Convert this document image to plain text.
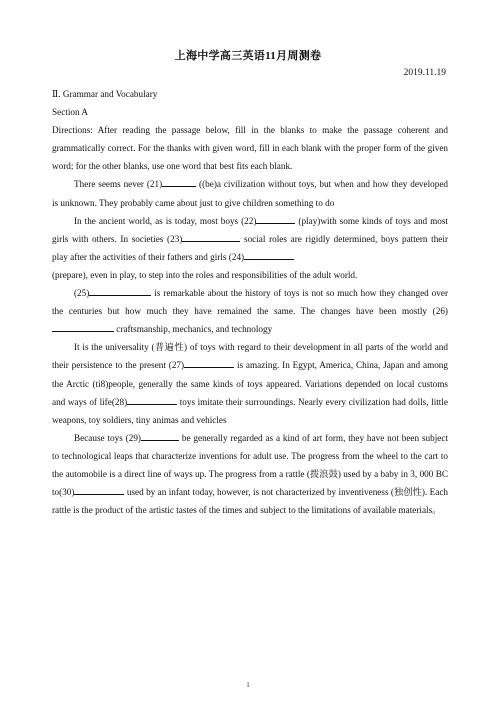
上海中学高三英语11月周测卷
2019.11.19

Ⅱ. Grammar and Vocabulary

Section A

Directions: After reading the passage below, fill in the blanks to make the passage coherent and grammatically correct. For the thanks with given word, fill in each blank with the proper form of the given word; for the other blanks, use one word that best fits each blank.

There seems never (21)	((be)a civilization without toys, but when and how they developed is unknown. They probably came about just to give children something to do

In the ancient world, as is today, most boys (22)	(play)with some kinds of toys and most girls with others. In societies (23)	social roles are rigidly determined, boys pattern their play after the activities of their fathers and girls (24)
(prepare), even in play, to step into the roles and responsibilities of the adult world.

(25)	is remarkable about the history of toys is not so much how they changed over the centuries but how much they have remained the same. The changes have been mostly (26) craftsmanship, mechanics, and technology

It is the universality (普遍性) of toys with regard to their development in all parts of the world and their persistence to the present (27)	is amazing. In Egypt, America, China, Japan and among the Arctic (ti8)people, generally the same kinds of toys appeared. Variations depended on local customs and ways of life(28)	toys imitate their surroundings. Nearly every civilization had dolls, little weapons, toy soldiers, tiny animas and vehicles

Because toys (29)	be generally regarded as a kind of art form, they have not been subject to technological leaps that characterize inventions for adult use. The progress from the wheel to the cart to the automobile is a direct line of ways up. The progress from a rattle (拨浪鼓) used by a baby in 3, 000 BC to(30)	used by an infant today, however, is not characterized by inventiveness (独创性). Each rattle is the product of the artistic tastes of the times and subject to the limitations of available materials。

1
